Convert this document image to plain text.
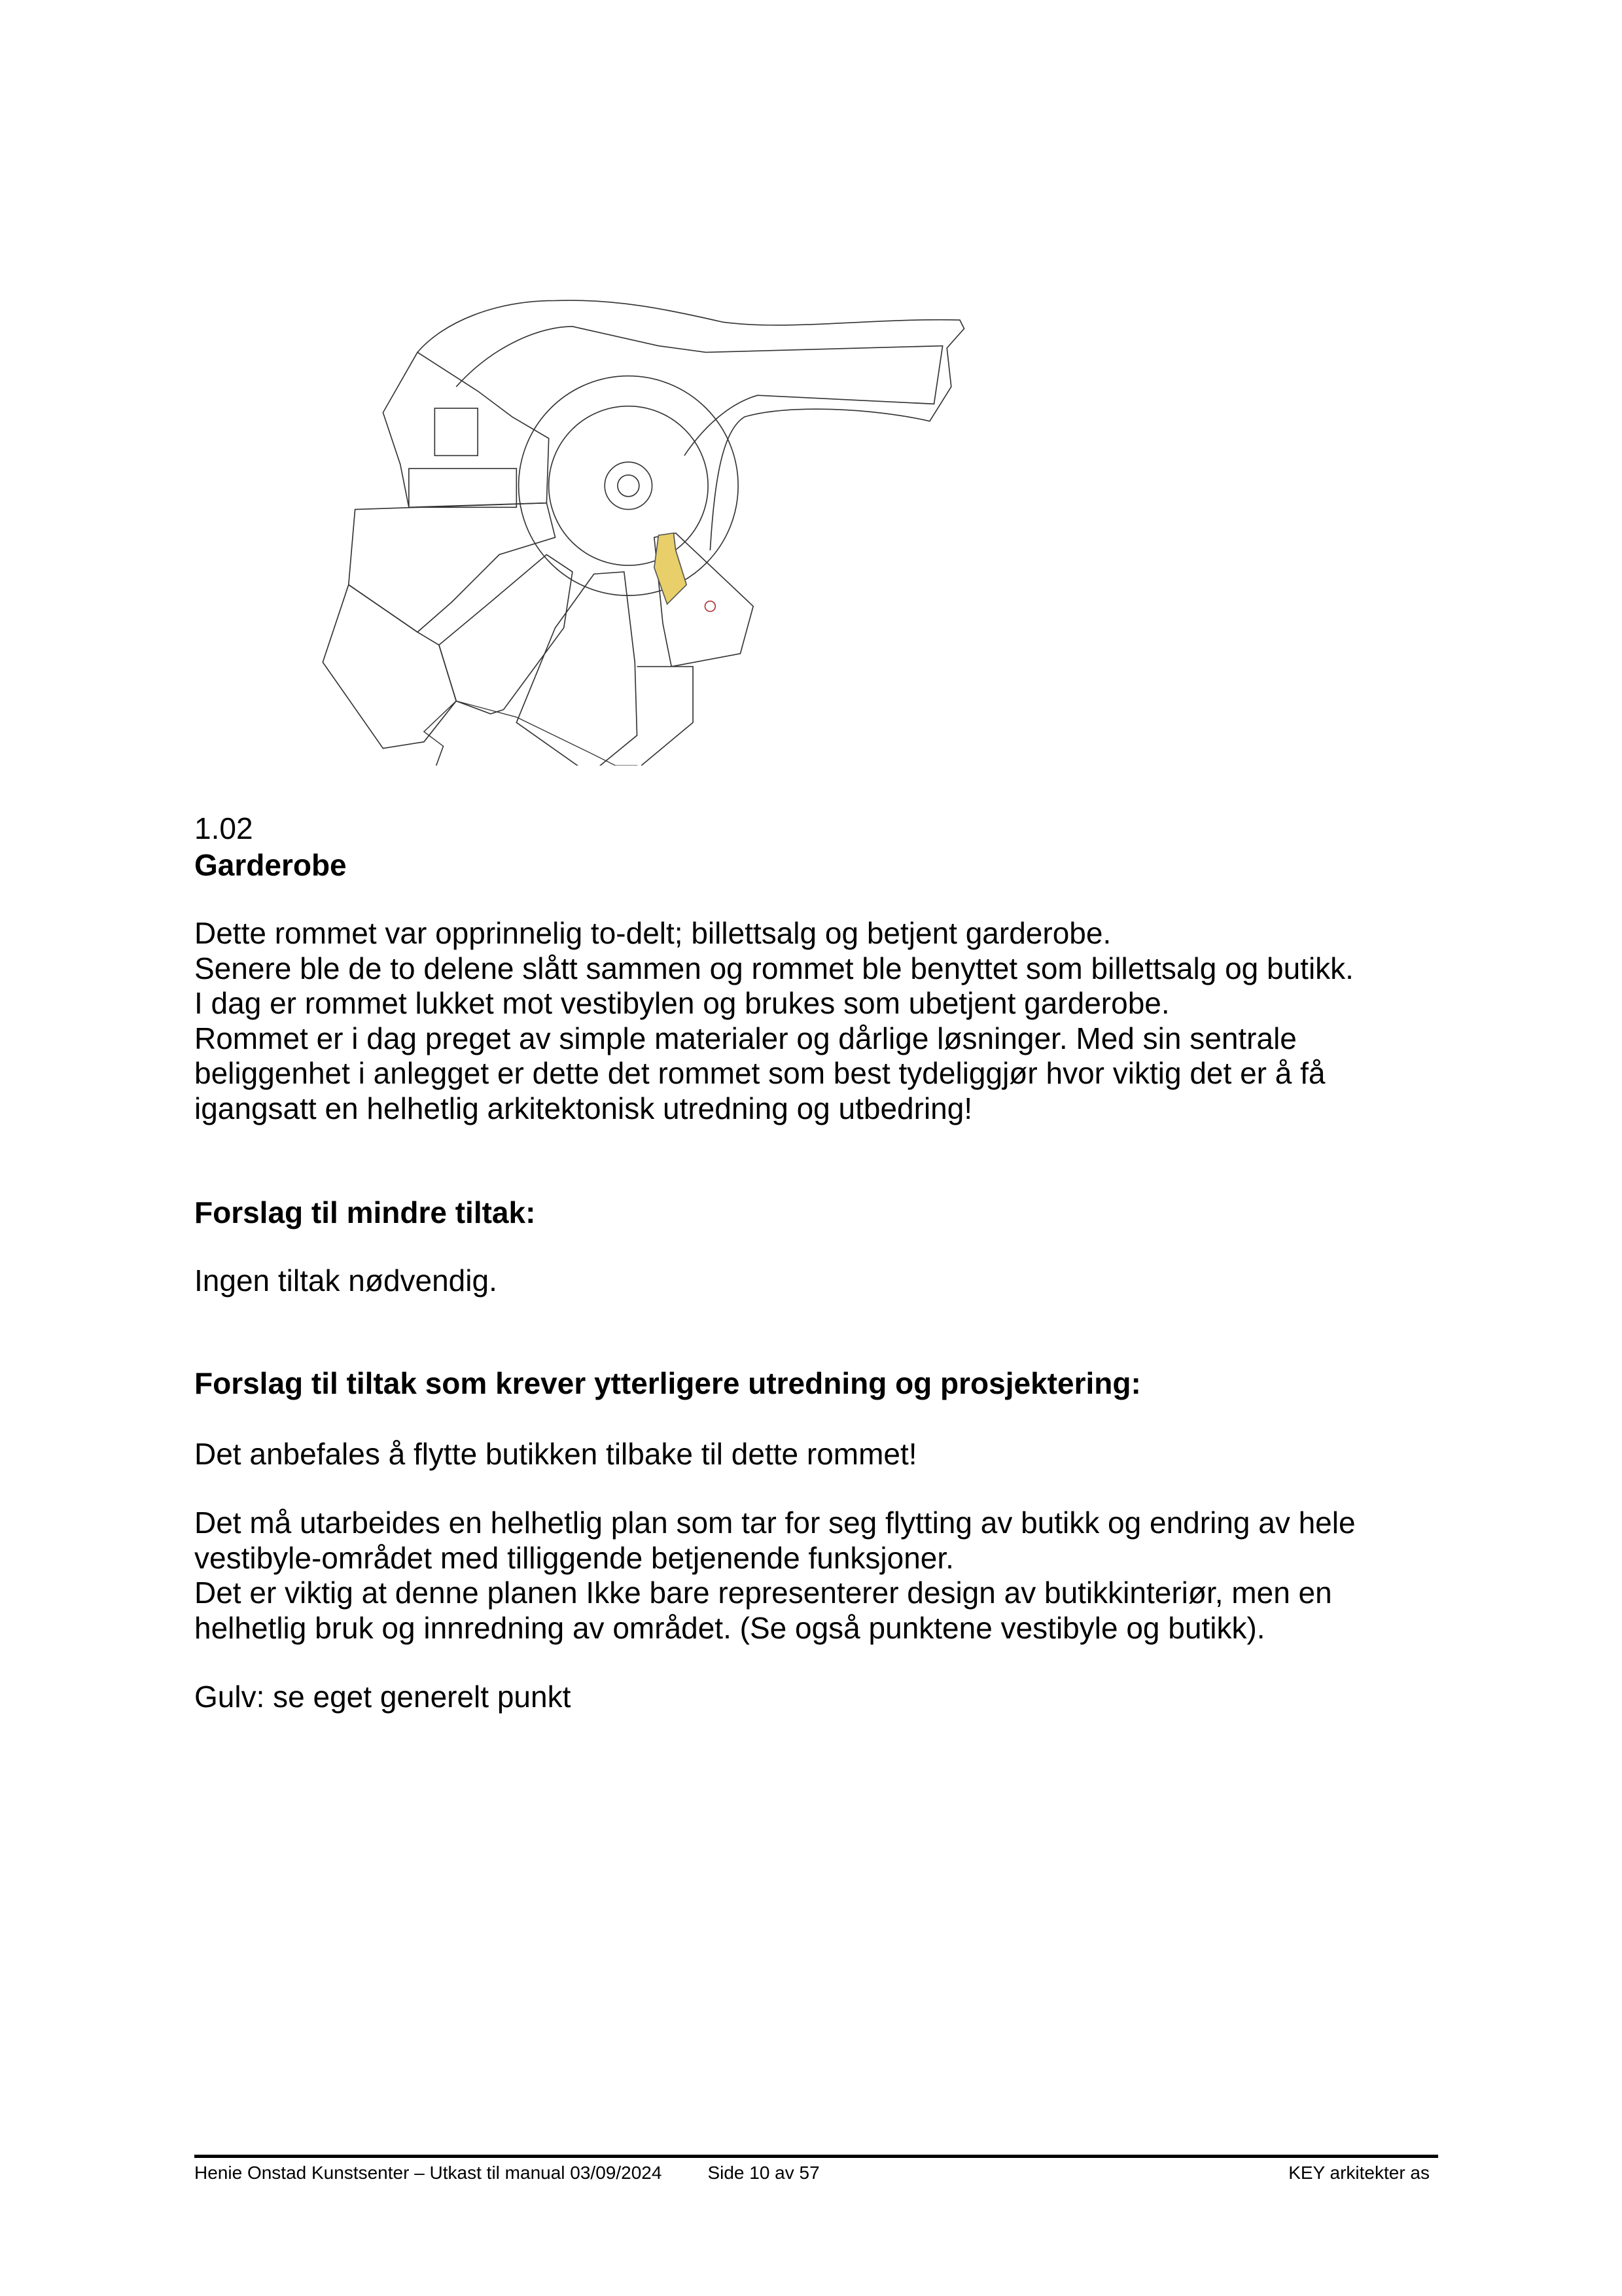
1.02
Garderobe
Dette rommet var opprinnelig to-delt; billettsalg og betjent garderobe.
Senere ble de to delene slått sammen og rommet ble benyttet som billettsalg og butikk.
I dag er rommet lukket mot vestibylen og brukes som ubetjent garderobe.
Rommet er i dag preget av simple materialer og dårlige løsninger. Med sin sentrale
beliggenhet i anlegget er dette det rommet som best tydeliggjør hvor viktig det er å få
igangsatt en helhetlig arkitektonisk utredning og utbedring!
Forslag til mindre tiltak:
Ingen tiltak nødvendig.
Forslag til tiltak som krever ytterligere utredning og prosjektering:
Det anbefales å flytte butikken tilbake til dette rommet!
Det må utarbeides en helhetlig plan som tar for seg flytting av butikk og endring av hele
vestibyle-området med tilliggende betjenende funksjoner.
Det er viktig at denne planen Ikke bare representerer design av butikkinteriør, men en
helhetlig bruk og innredning av området. (Se også punktene vestibyle og butikk).
Gulv: se eget generelt punkt
Henie Onstad Kunstsenter – Utkast til manual 03/09/2024	Side 10 av 57	KEY arkitekter as
